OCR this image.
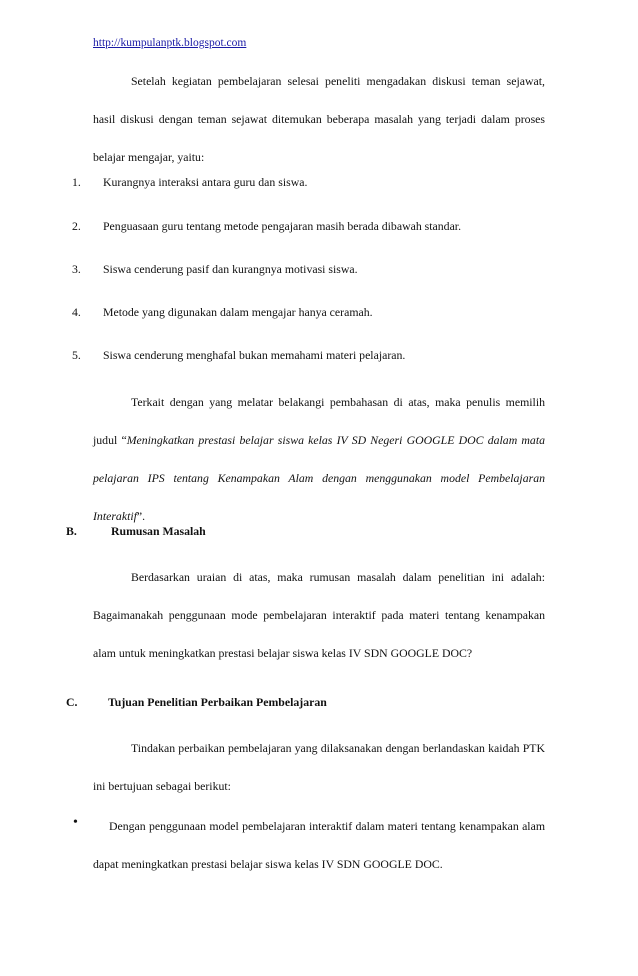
http://kumpulanptk.blogspot.com

Setelah kegiatan pembelajaran selesai peneliti mengadakan diskusi teman sejawat, hasil diskusi dengan teman sejawat ditemukan beberapa masalah yang terjadi dalam proses belajar mengajar, yaitu:

1.	Kurangnya interaksi antara guru dan siswa.
2.	Penguasaan guru tentang metode pengajaran masih berada dibawah standar.
3.	Siswa cenderung pasif dan kurangnya motivasi siswa.
4.	Metode yang digunakan dalam mengajar hanya ceramah.
5.	Siswa cenderung menghafal bukan memahami materi pelajaran.

Terkait dengan yang melatar belakangi pembahasan di atas, maka penulis memilih judul “Meningkatkan prestasi belajar siswa kelas IV SD Negeri GOOGLE DOC dalam mata pelajaran IPS tentang Kenampakan Alam dengan menggunakan model Pembelajaran Interaktif”.

B.	Rumusan Masalah

Berdasarkan uraian di atas, maka rumusan masalah dalam penelitian ini adalah: Bagaimanakah penggunaan mode pembelajaran interaktif pada materi tentang kenampakan alam untuk meningkatkan prestasi belajar siswa kelas IV SDN GOOGLE DOC?

C.	Tujuan Penelitian Perbaikan Pembelajaran

Tindakan perbaikan pembelajaran yang dilaksanakan dengan berlandaskan kaidah PTK ini bertujuan sebagai berikut:

•	Dengan penggunaan model pembelajaran interaktif dalam materi tentang kenampakan alam dapat meningkatkan prestasi belajar siswa kelas IV SDN GOOGLE DOC.
